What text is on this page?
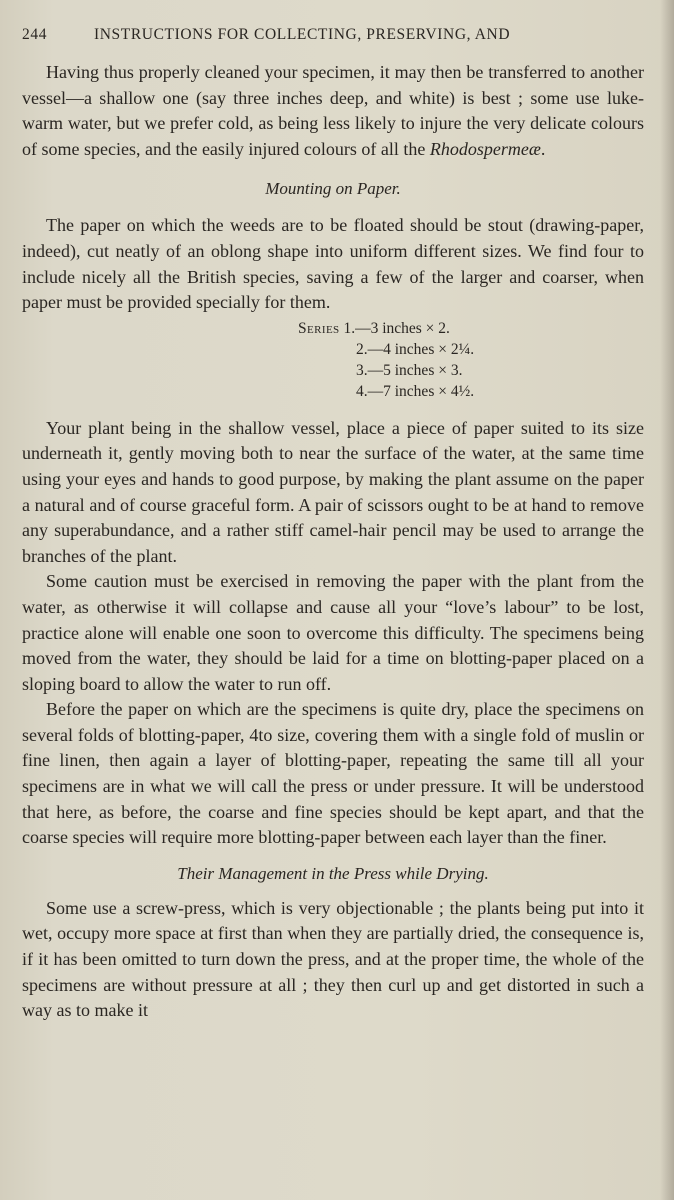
244	INSTRUCTIONS FOR COLLECTING, PRESERVING, AND

Having thus properly cleaned your specimen, it may then be transferred to another vessel—a shallow one (say three inches deep, and white) is best ; some use luke-warm water, but we prefer cold, as being less likely to injure the very delicate colours of some species, and the easily injured colours of all the Rhodospermeæ.

Mounting on Paper.

The paper on which the weeds are to be floated should be stout (drawing-paper, indeed), cut neatly of an oblong shape into uniform different sizes. We find four to include nicely all the British species, saving a few of the larger and coarser, when paper must be provided specially for them.

Series 1.—3 inches × 2.
2.—4 inches × 2¼.
3.—5 inches × 3.
4.—7 inches × 4½.

Your plant being in the shallow vessel, place a piece of paper suited to its size underneath it, gently moving both to near the surface of the water, at the same time using your eyes and hands to good purpose, by making the plant assume on the paper a natural and of course graceful form. A pair of scissors ought to be at hand to remove any superabundance, and a rather stiff camel-hair pencil may be used to arrange the branches of the plant.

Some caution must be exercised in removing the paper with the plant from the water, as otherwise it will collapse and cause all your “love’s labour” to be lost, practice alone will enable one soon to overcome this difficulty. The specimens being moved from the water, they should be laid for a time on blotting-paper placed on a sloping board to allow the water to run off.

Before the paper on which are the specimens is quite dry, place the specimens on several folds of blotting-paper, 4to size, covering them with a single fold of muslin or fine linen, then again a layer of blotting-paper, repeating the same till all your specimens are in what we will call the press or under pressure. It will be understood that here, as before, the coarse and fine species should be kept apart, and that the coarse species will require more blotting-paper between each layer than the finer.

Their Management in the Press while Drying.

Some use a screw-press, which is very objectionable ; the plants being put into it wet, occupy more space at first than when they are partially dried, the consequence is, if it has been omitted to turn down the press, and at the proper time, the whole of the specimens are without pressure at all ; they then curl up and get distorted in such a way as to make it
